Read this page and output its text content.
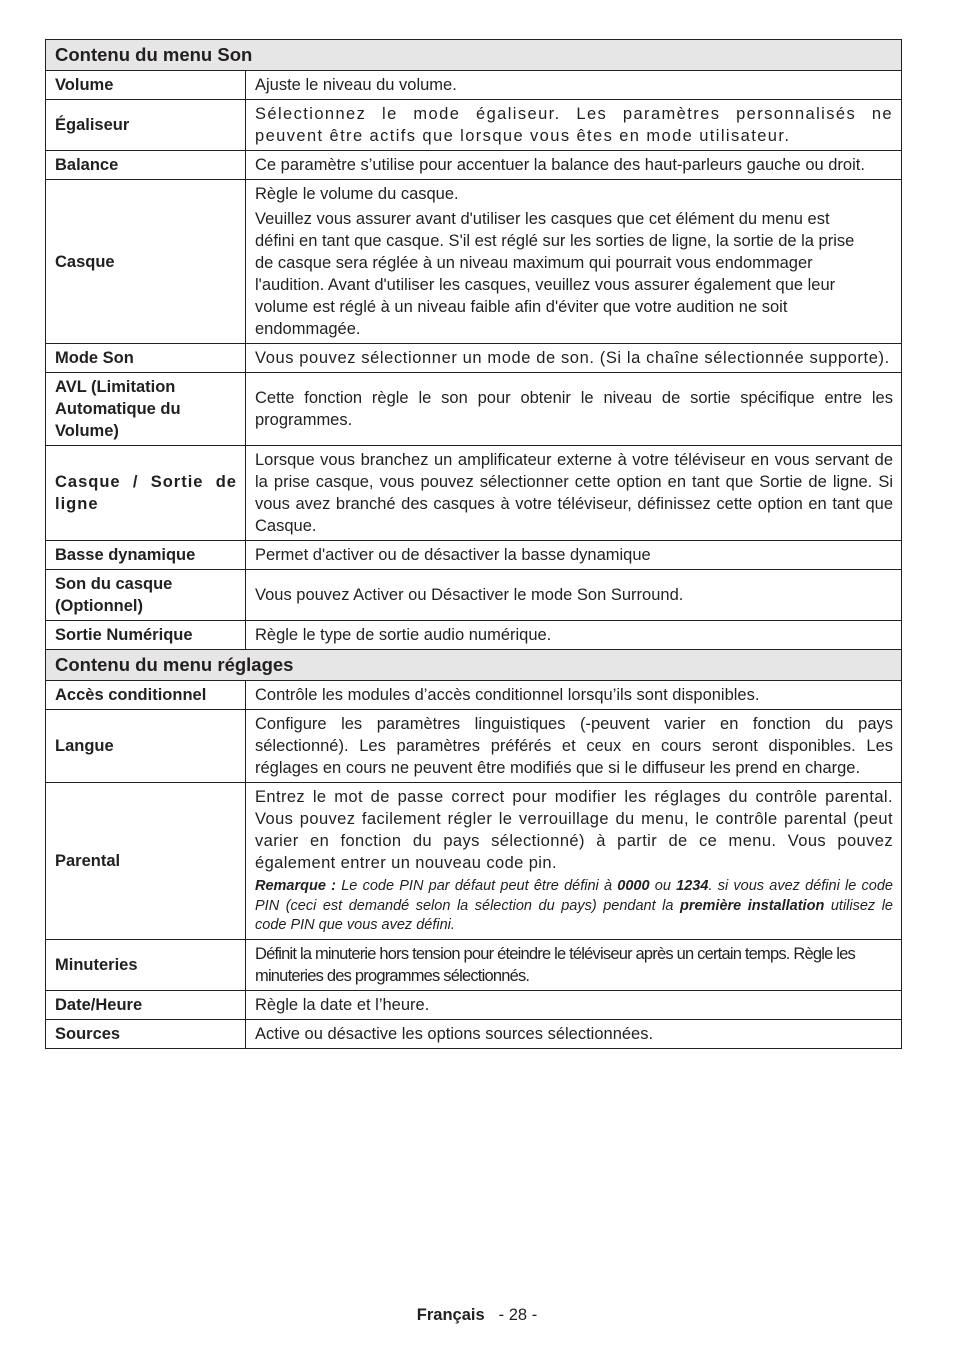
Contenu du menu Son	
Volume	Ajuste le niveau du volume.
Égaliseur	Sélectionnez le mode égaliseur. Les paramètres personnalisés ne peuvent être actifs que lorsque vous êtes en mode utilisateur.
Balance	Ce paramètre s’utilise pour accentuer la balance des haut-parleurs gauche ou droit.
Casque	Règle le volume du casque.

Veuillez vous assurer avant d'utiliser les casques que cet élément du menu est défini en tant que casque. S'il est réglé sur les sorties de ligne, la sortie de la prise de casque sera réglée à un niveau maximum qui pourrait vous endommager l'audition. Avant d'utiliser les casques, veuillez vous assurer également que leur volume est réglé à un niveau faible afin d'éviter que votre audition ne soit endommagée.

Mode Son	Vous pouvez sélectionner un mode de son. (Si la chaîne sélectionnée supporte).
AVL (Limitation Automatique du Volume)	Cette fonction règle le son pour obtenir le niveau de sortie spécifique entre les programmes.
Casque / Sortie de ligne	Lorsque vous branchez un amplificateur externe à votre téléviseur en vous servant de la prise casque, vous pouvez sélectionner cette option en tant que Sortie de ligne. Si vous avez branché des casques à votre téléviseur, définissez cette option en tant que Casque.
Basse dynamique	Permet d'activer ou de désactiver la basse dynamique
Son du casque (Optionnel)	Vous pouvez Activer ou Désactiver le mode Son Surround.
Sortie Numérique	Règle le type de sortie audio numérique.
Contenu du menu réglages	
Accès conditionnel	Contrôle les modules d’accès conditionnel lorsqu’ils sont disponibles.
Langue	Configure les paramètres linguistiques (-peuvent varier en fonction du pays sélectionné). Les paramètres préférés et ceux en cours seront disponibles. Les réglages en cours ne peuvent être modifiés que si le diffuseur les prend en charge.
Parental	Entrez le mot de passe correct pour modifier les réglages du contrôle parental. Vous pouvez facilement régler le verrouillage du menu, le contrôle parental (peut varier en fonction du pays sélectionné) à partir de ce menu. Vous pouvez également entrer un nouveau code pin.

Remarque : Le code PIN par défaut peut être défini à 0000 ou 1234. si vous avez défini le code PIN (ceci est demandé selon la sélection du pays) pendant la première installation utilisez le code PIN que vous avez défini.

Minuteries	Définit la minuterie hors tension pour éteindre le téléviseur après un certain temps. Règle les minuteries des programmes sélectionnés.
Date/Heure	Règle la date et l’heure.
Sources	Active ou désactive les options sources sélectionnées.
Français - 28 -
